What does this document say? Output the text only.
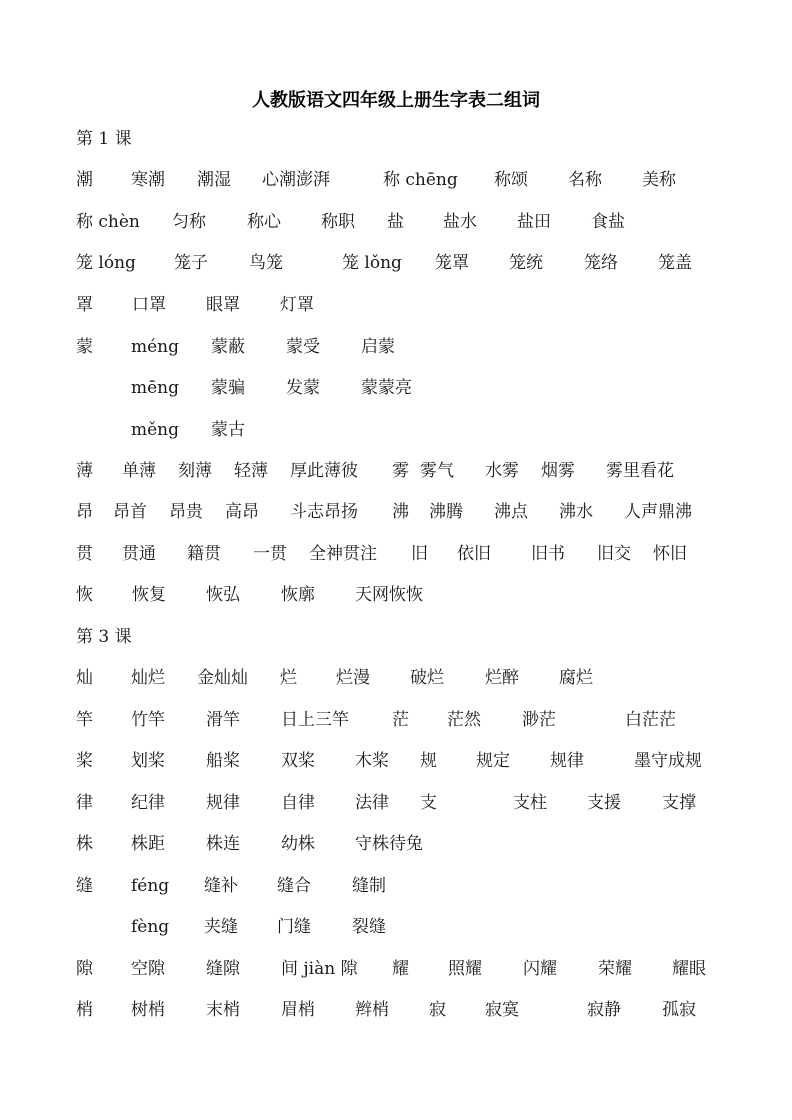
人教版语文四年级上册生字表二组词
第 1 课
潮 寒潮 潮湿 心潮澎湃	称 chēng 称颂 名称 美称
称 chèn 匀称 称心 称职 盐 盐水 盐田 食盐
笼 lóng 笼子 鸟笼	笼 lǒng 笼罩 笼统 笼络 笼盖
罩 口罩 眼罩 灯罩
蒙 méng 蒙蔽 蒙受 启蒙
mēng 蒙骗 发蒙 蒙蒙亮
měng 蒙古
薄 单薄 刻薄 轻薄 厚此薄彼 雾 雾气 水雾 烟雾 雾里看花
昂 昂首 昂贵 高昂 斗志昂扬 沸 沸腾 沸点 沸水 人声鼎沸
贯 贯通 籍贯 一贯 全神贯注 旧 依旧 旧书 旧交 怀旧
恢 恢复 恢弘 恢廓 天网恢恢
第 3 课
灿 灿烂 金灿灿 烂 烂漫 破烂 烂醉 腐烂
竿 竹竿 滑竿 日上三竿	茫 茫然 渺茫	白茫茫
桨 划桨 船桨 双桨 木桨 规 规定 规律	墨守成规
律 纪律 规律 自律 法律 支	支柱 支援 支撑
株 株距 株连 幼株 守株待兔
缝 féng 缝补 缝合 缝制
fèng 夹缝 门缝 裂缝
隙 空隙 缝隙 间 jiàn 隙 耀 照耀 闪耀 荣耀 耀眼
梢 树梢 末梢 眉梢 辫梢 寂 寂寞	寂静 孤寂
